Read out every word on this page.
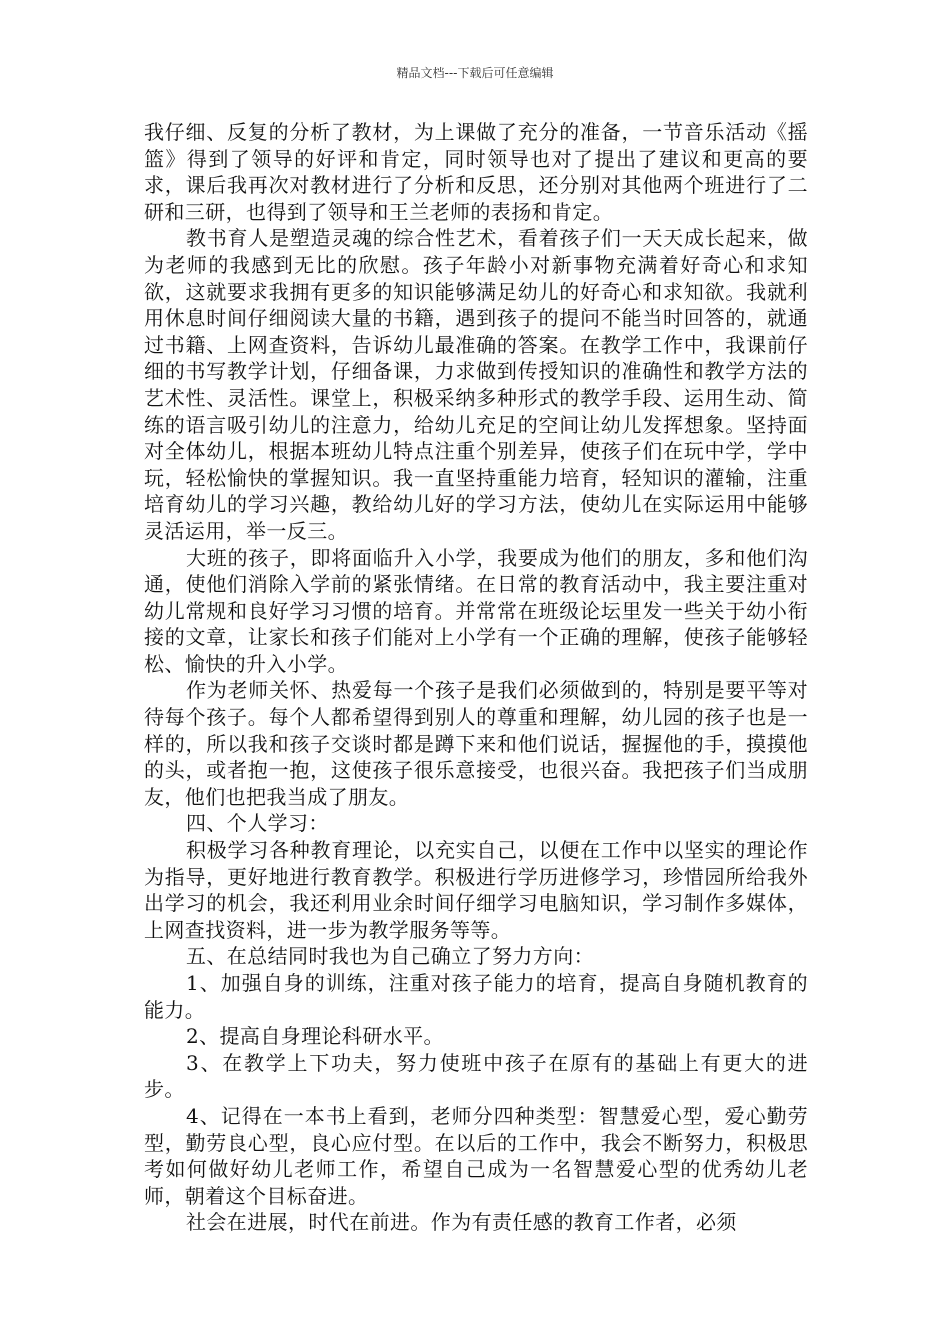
精品文档---下载后可任意编辑

我仔细、反复的分析了教材，为上课做了充分的准备，一节音乐活动《摇篮》得到了领导的好评和肯定，同时领导也对了提出了建议和更高的要求，课后我再次对教材进行了分析和反思，还分别对其他两个班进行了二研和三研，也得到了领导和王兰老师的表扬和肯定。

教书育人是塑造灵魂的综合性艺术，看着孩子们一天天成长起来，做为老师的我感到无比的欣慰。孩子年龄小对新事物充满着好奇心和求知欲，这就要求我拥有更多的知识能够满足幼儿的好奇心和求知欲。我就利用休息时间仔细阅读大量的书籍，遇到孩子的提问不能当时回答的，就通过书籍、上网查资料，告诉幼儿最准确的答案。在教学工作中，我课前仔细的书写教学计划，仔细备课，力求做到传授知识的准确性和教学方法的艺术性、灵活性。课堂上，积极采纳多种形式的教学手段、运用生动、简练的语言吸引幼儿的注意力，给幼儿充足的空间让幼儿发挥想象。坚持面对全体幼儿，根据本班幼儿特点注重个别差异，使孩子们在玩中学，学中玩，轻松愉快的掌握知识。我一直坚持重能力培育，轻知识的灌输，注重培育幼儿的学习兴趣，教给幼儿好的学习方法，使幼儿在实际运用中能够灵活运用，举一反三。

大班的孩子，即将面临升入小学，我要成为他们的朋友，多和他们沟通，使他们消除入学前的紧张情绪。在日常的教育活动中，我主要注重对幼儿常规和良好学习习惯的培育。并常常在班级论坛里发一些关于幼小衔接的文章，让家长和孩子们能对上小学有一个正确的理解，使孩子能够轻松、愉快的升入小学。

作为老师关怀、热爱每一个孩子是我们必须做到的，特别是要平等对待每个孩子。每个人都希望得到别人的尊重和理解，幼儿园的孩子也是一样的，所以我和孩子交谈时都是蹲下来和他们说话，握握他的手，摸摸他的头，或者抱一抱，这使孩子很乐意接受，也很兴奋。我把孩子们当成朋友，他们也把我当成了朋友。

四、个人学习：

积极学习各种教育理论，以充实自己，以便在工作中以坚实的理论作为指导，更好地进行教育教学。积极进行学历进修学习，珍惜园所给我外出学习的机会，我还利用业余时间仔细学习电脑知识，学习制作多媒体，上网查找资料，进一步为教学服务等等。

五、在总结同时我也为自己确立了努力方向：

1、加强自身的训练，注重对孩子能力的培育，提高自身随机教育的能力。

2、提高自身理论科研水平。

3、在教学上下功夫，努力使班中孩子在原有的基础上有更大的进步。

4、记得在一本书上看到，老师分四种类型：智慧爱心型，爱心勤劳型，勤劳良心型，良心应付型。在以后的工作中，我会不断努力，积极思考如何做好幼儿老师工作，希望自己成为一名智慧爱心型的优秀幼儿老师，朝着这个目标奋进。

社会在进展，时代在前进。作为有责任感的教育工作者，必须
